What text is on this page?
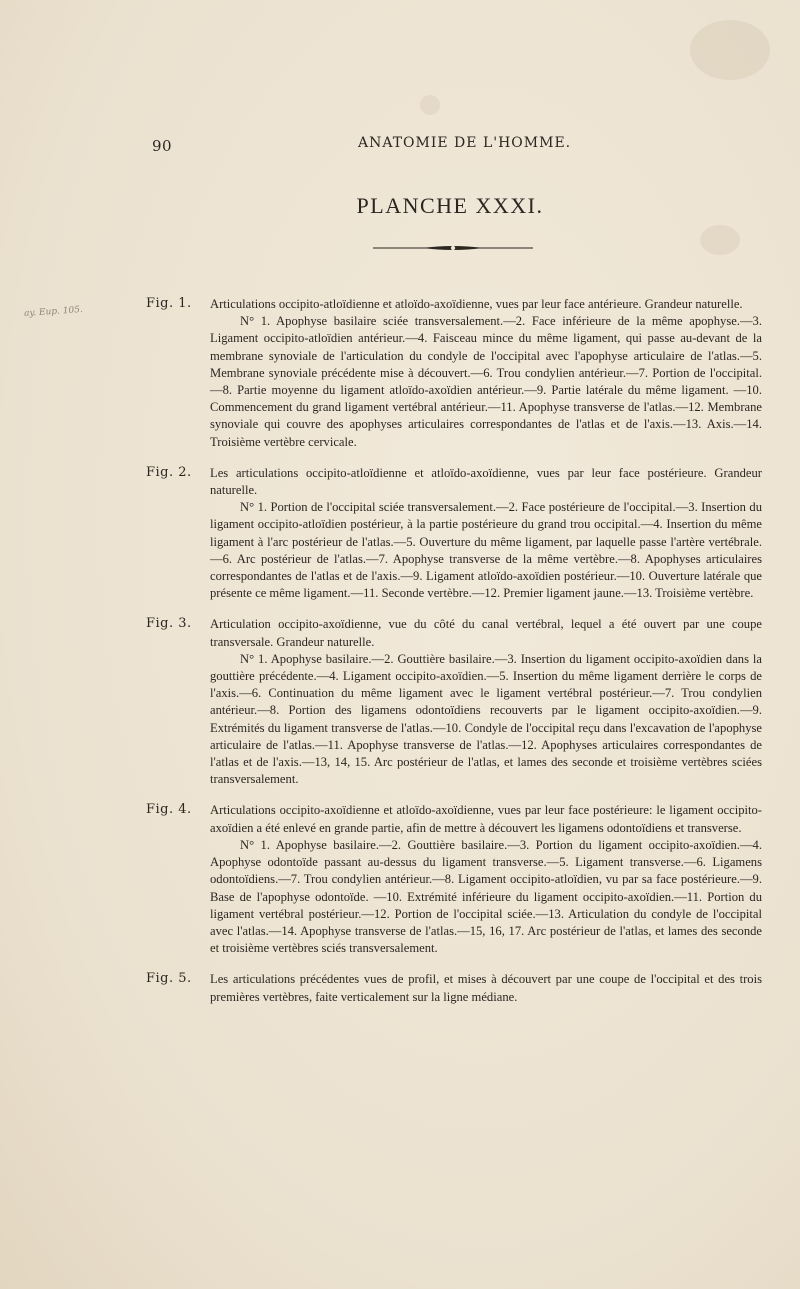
90	ANATOMIE DE L'HOMME.
PLANCHE XXXI.
ay. Eup. 105.
Fig. 1. Articulations occipito-atloïdienne et atloïdo-axoïdienne, vues par leur face antérieure. Grandeur naturelle.

N° 1. Apophyse basilaire sciée transversalement.—2. Face inférieure de la même apophyse.—3. Ligament occipito-atloïdien antérieur.—4. Faisceau mince du même ligament, qui passe au-devant de la membrane synoviale de l'articulation du condyle de l'occipital avec l'apophyse articulaire de l'atlas.—5. Membrane synoviale précédente mise à découvert.—6. Trou condylien antérieur.—7. Portion de l'occipital.—8. Partie moyenne du ligament atloïdo-axoïdien antérieur.—9. Partie latérale du même ligament. —10. Commencement du grand ligament vertébral antérieur.—11. Apophyse transverse de l'atlas.—12. Membrane synoviale qui couvre des apophyses articulaires correspondantes de l'atlas et de l'axis.—13. Axis.—14. Troisième vertèbre cervicale.

Fig. 2. Les articulations occipito-atloïdienne et atloïdo-axoïdienne, vues par leur face postérieure. Grandeur naturelle.

N° 1. Portion de l'occipital sciée transversalement.—2. Face postérieure de l'occipital.—3. Insertion du ligament occipito-atloïdien postérieur, à la partie postérieure du grand trou occipital.—4. Insertion du même ligament à l'arc postérieur de l'atlas.—5. Ouverture du même ligament, par laquelle passe l'artère vertébrale.—6. Arc postérieur de l'atlas.—7. Apophyse transverse de la même vertèbre.—8. Apophyses articulaires correspondantes de l'atlas et de l'axis.—9. Ligament atloïdo-axoïdien postérieur.—10. Ouverture latérale que présente ce même ligament.—11. Seconde vertèbre.—12. Premier ligament jaune.—13. Troisième vertèbre.

Fig. 3. Articulation occipito-axoïdienne, vue du côté du canal vertébral, lequel a été ouvert par une coupe transversale. Grandeur naturelle.

N° 1. Apophyse basilaire.—2. Gouttière basilaire.—3. Insertion du ligament occipito-axoïdien dans la gouttière précédente.—4. Ligament occipito-axoïdien.—5. Insertion du même ligament derrière le corps de l'axis.—6. Continuation du même ligament avec le ligament vertébral postérieur.—7. Trou condylien antérieur.—8. Portion des ligamens odontoïdiens recouverts par le ligament occipito-axoïdien.—9. Extrémités du ligament transverse de l'atlas.—10. Condyle de l'occipital reçu dans l'excavation de l'apophyse articulaire de l'atlas.—11. Apophyse transverse de l'atlas.—12. Apophyses articulaires correspondantes de l'atlas et de l'axis.—13, 14, 15. Arc postérieur de l'atlas, et lames des seconde et troisième vertèbres sciées transversalement.

Fig. 4. Articulations occipito-axoïdienne et atloïdo-axoïdienne, vues par leur face postérieure: le ligament occipito-axoïdien a été enlevé en grande partie, afin de mettre à découvert les ligamens odontoïdiens et transverse.

N° 1. Apophyse basilaire.—2. Gouttière basilaire.—3. Portion du ligament occipito-axoïdien.—4. Apophyse odontoïde passant au-dessus du ligament transverse.—5. Ligament transverse.—6. Ligamens odontoïdiens.—7. Trou condylien antérieur.—8. Ligament occipito-atloïdien, vu par sa face postérieure.—9. Base de l'apophyse odontoïde. —10. Extrémité inférieure du ligament occipito-axoïdien.—11. Portion du ligament vertébral postérieur.—12. Portion de l'occipital sciée.—13. Articulation du condyle de l'occipital avec l'atlas.—14. Apophyse transverse de l'atlas.—15, 16, 17. Arc postérieur de l'atlas, et lames des seconde et troisième vertèbres sciés transversalement.

Fig. 5. Les articulations précédentes vues de profil, et mises à découvert par une coupe de l'occipital et des trois premières vertèbres, faite verticalement sur la ligne médiane.
